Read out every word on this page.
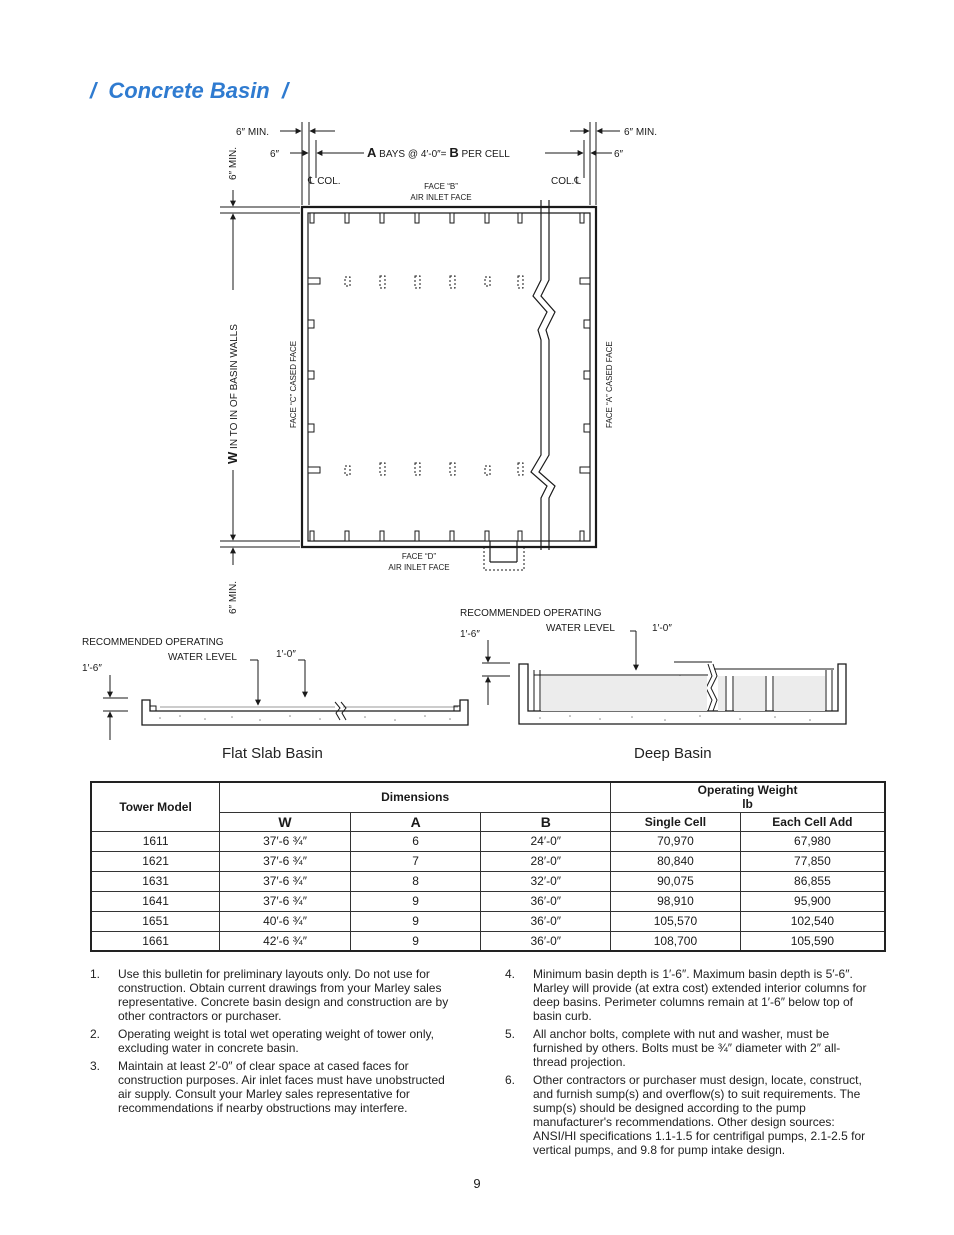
/ Concrete Basin /
6″ MIN.
6″
6″ MIN.
6″
A BAYS @ 4′-0″= B PER CELL
℄ COL.	COL.℄
FACE “B”
AIR INLET FACE
FACE “C” CASED FACE	FACE “A” CASED FACE
FACE “D”
AIR INLET FACE
6″ MIN.
6″ MIN.
W IN TO IN OF BASIN WALLS
RECOMMENDED OPERATING
WATER LEVEL
1′-6″
1′-0″
RECOMMENDED OPERATING
WATER LEVEL
1′-6″
1′-0″
Flat Slab Basin	Deep Basin
Tower Model	Dimensions			Operating Weight
lb	
	W	A	B	Single Cell	Each Cell Add
1611	37′-6 ¾″	6	24′-0″	70,970	67,980
1621	37′-6 ¾″	7	28′-0″	80,840	77,850
1631	37′-6 ¾″	8	32′-0″	90,075	86,855
1641	37′-6 ¾″	9	36′-0″	98,910	95,900
1651	40′-6 ¾″	9	36′-0″	105,570	102,540
1661	42′-6 ¾″	9	36′-0″	108,700	105,590
1.	Use this bulletin for preliminary layouts only. Do not use for construction. Obtain current drawings from your Marley sales representative. Concrete basin design and construction are by other contractors or purchaser.
2.	Operating weight is total wet operating weight of tower only, excluding water in concrete basin.
3.	Maintain at least 2′-0″ of clear space at cased faces for construction purposes. Air inlet faces must have unobstructed air supply. Consult your Marley sales representative for recommendations if nearby obstructions may interfere.
4.	Minimum basin depth is 1′-6″. Maximum basin depth is 5′-6″. Marley will provide (at extra cost) extended interior columns for deep basins. Perimeter columns remain at 1′-6″ below top of basin curb.
5.	All anchor bolts, complete with nut and washer, must be furnished by others. Bolts must be ¾″ diameter with 2″ all-thread projection.
6.	Other contractors or purchaser must design, locate, construct, and furnish sump(s) and overflow(s) to suit requirements. The sump(s) should be designed according to the pump manufacturer's recommendations. Other design sources: ANSI/HI specifications 1.1-1.5 for centrifigal pumps, 2.1-2.5 for vertical pumps, and 9.8 for pump intake design.
9
